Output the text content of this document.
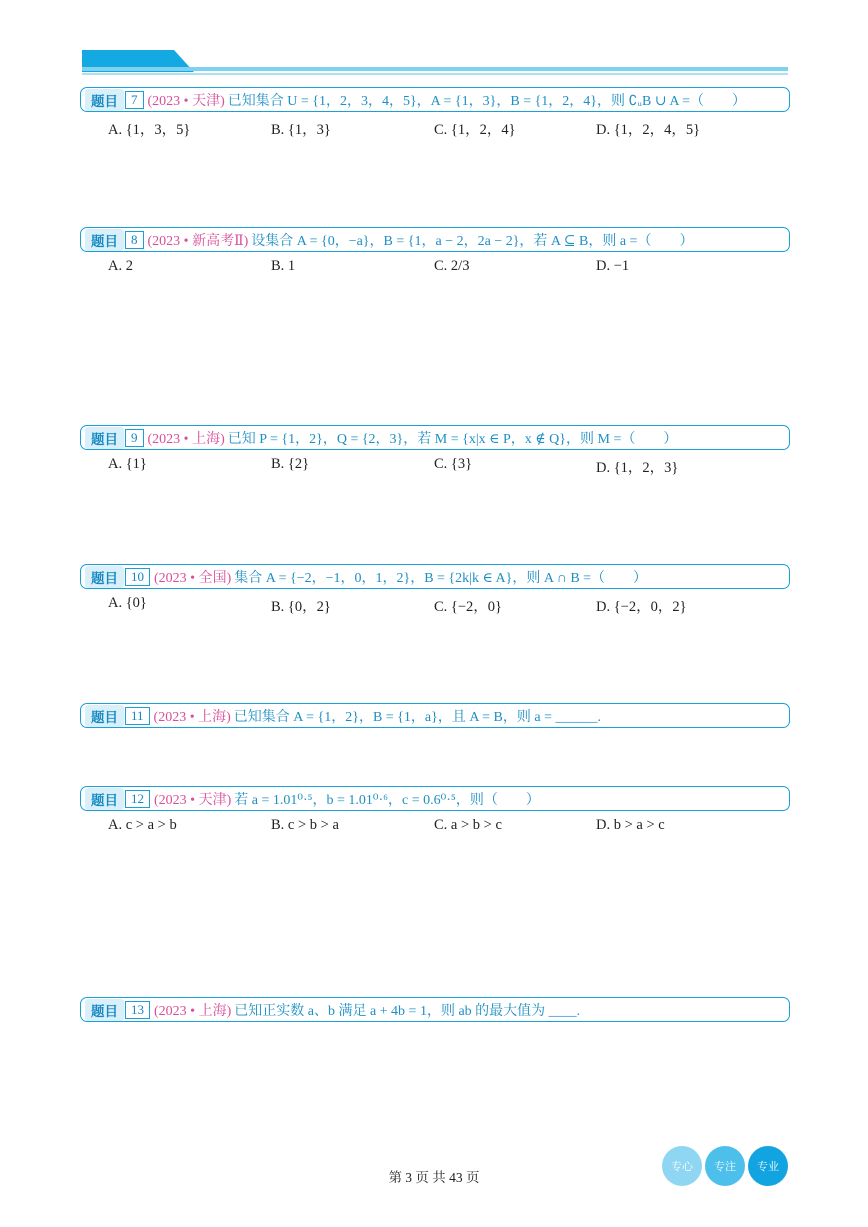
题目	7 (2023 • 天津) 已知集合 U = {1，2，3，4，5}，A = {1，3}，B = {1，2，4}，则 ∁ᵤB ∪ A =（　　）
A. {1，3，5}	B. {1，3}	C. {1，2，4}	D. {1，2，4，5}
题目	8 (2023 • 新高考Ⅱ) 设集合 A = {0，−a}，B = {1，a − 2，2a − 2}，若 A ⊆ B，则 a =（　　）
A. 2	B. 1	C. 2/3	D. −1
题目	9 (2023 • 上海) 已知 P = {1，2}，Q = {2，3}，若 M = {x|x ∈ P，x ∉ Q}，则 M =（　　）
A. {1}	B. {2}	C. {3}	D. {1，2，3}
题目	10 (2023 • 全国) 集合 A = {−2，−1，0，1，2}，B = {2k|k ∈ A}，则 A ∩ B =（　　）
A. {0}	B. {0，2}	C. {−2，0}	D. {−2，0，2}
题目	11 (2023 • 上海) 已知集合 A = {1，2}，B = {1，a}，且 A = B，则 a = ______.
题目	12 (2023 • 天津) 若 a = 1.01⁰·⁵，b = 1.01⁰·⁶，c = 0.6⁰·⁵，则（　　）
A. c > a > b	B. c > b > a	C. a > b > c	D. b > a > c
题目	13 (2023 • 上海) 已知正实数 a、b 满足 a + 4b = 1，则 ab 的最大值为 ____.
第 3 页 共 43 页
专心	专注	专业
